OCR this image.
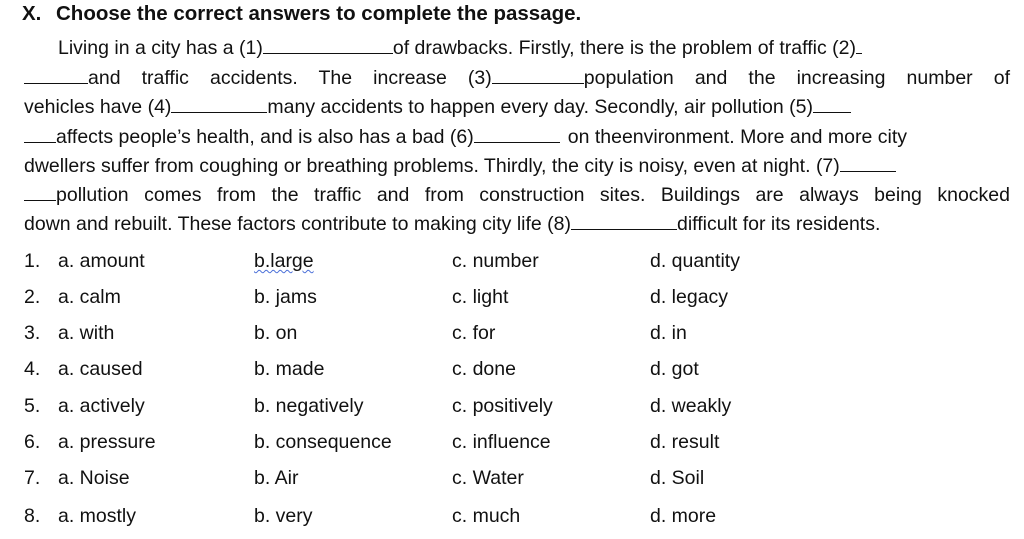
X. Choose the correct answers to complete the passage.
Living in a city has a (1)	of drawbacks. Firstly, there is the problem of traffic (2)
and traffic accidents. The increase (3)	population and the increasing number of
vehicles have (4)	many accidents to happen every day. Secondly, air pollution (5)
affects people’s health, and is also has a bad (6)	on theenvironment. More and more city
dwellers suffer from coughing or breathing problems. Thirdly, the city is noisy, even at night. (7)
pollution comes from the traffic and from construction sites. Buildings are always being knocked
down and rebuilt. These factors contribute to making city life (8)	difficult for its residents.
1. a. amount	b.large	c. number	d. quantity
2. a. calm	b. jams	c. light	d. legacy
3. a. with	b. on	c. for	d. in
4. a. caused	b. made	c. done	d. got
5. a. actively	b. negatively	c. positively	d. weakly
6. a. pressure	b. consequence	c. influence	d. result
7. a. Noise	b. Air	c. Water	d. Soil
8. a. mostly	b. very	c. much	d. more
